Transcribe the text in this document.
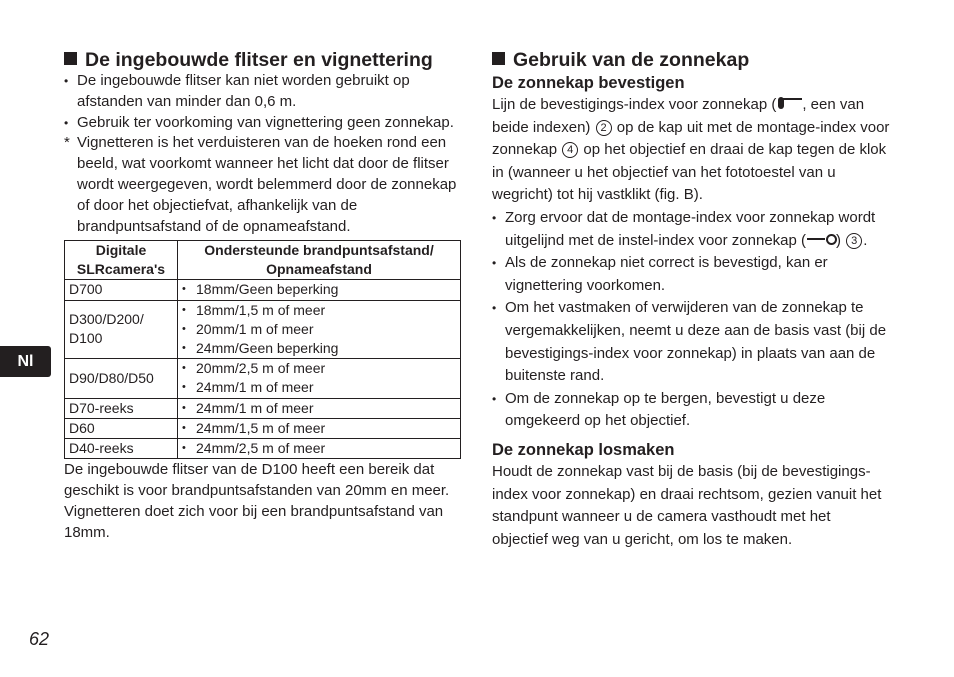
De ingebouwde flitser en vignettering
• De ingebouwde flitser kan niet worden gebruikt op afstanden van minder dan 0,6 m.
• Gebruik ter voorkoming van vignettering geen zonnekap.
* Vignetteren is het verduisteren van de hoeken rond een beeld, wat voorkomt wanneer het licht dat door de flitser wordt weergegeven, wordt belemmerd door de zonnekap of door het objectiefvat, afhankelijk van de brandpuntsafstand of de opnameafstand.
Digitale SLRcamera's	Ondersteunde brandpuntsafstand/ Opnameafstand
D700	• 18mm/Geen beperking

D300/D200/ D100	• 18mm/1,5 m of meer
• 20mm/1 m of meer
• 24mm/Geen beperking

D90/D80/D50	• 20mm/2,5 m of meer
• 24mm/1 m of meer

D70-reeks	• 24mm/1 m of meer

D60	• 24mm/1,5 m of meer

D40-reeks	• 24mm/2,5 m of meer

De ingebouwde flitser van de D100 heeft een bereik dat geschikt is voor brandpuntsafstanden van 20mm en meer. Vignetteren doet zich voor bij een brandpuntsafstand van 18mm.

Gebruik van de zonnekap
De zonnekap bevestigen

Lijn de bevestigings-index voor zonnekap ( , een van beide indexen) 2 op de kap uit met de montage-index voor zonnekap 4 op het objectief en draai de kap tegen de klok in (wanneer u het objectief van het fototoestel van u wegricht) tot hij vastklikt (fig. B).

• Zorg ervoor dat de montage-index voor zonnekap wordt uitgelijnd met de instel-index voor zonnekap ( ) 3 .
• Als de zonnekap niet correct is bevestigd, kan er vignettering voorkomen.
• Om het vastmaken of verwijderen van de zonnekap te vergemakkelijken, neemt u deze aan de basis vast (bij de bevestigings-index voor zonnekap) in plaats van aan de buitenste rand.
• Om de zonnekap op te bergen, bevestigt u deze omgekeerd op het objectief.
De zonnekap losmaken

Houdt de zonnekap vast bij de basis (bij de bevestigings-index voor zonnekap) en draai rechtsom, gezien vanuit het standpunt wanneer u de camera vasthoudt met het objectief weg van u gericht, om los te maken.

Nl
62
